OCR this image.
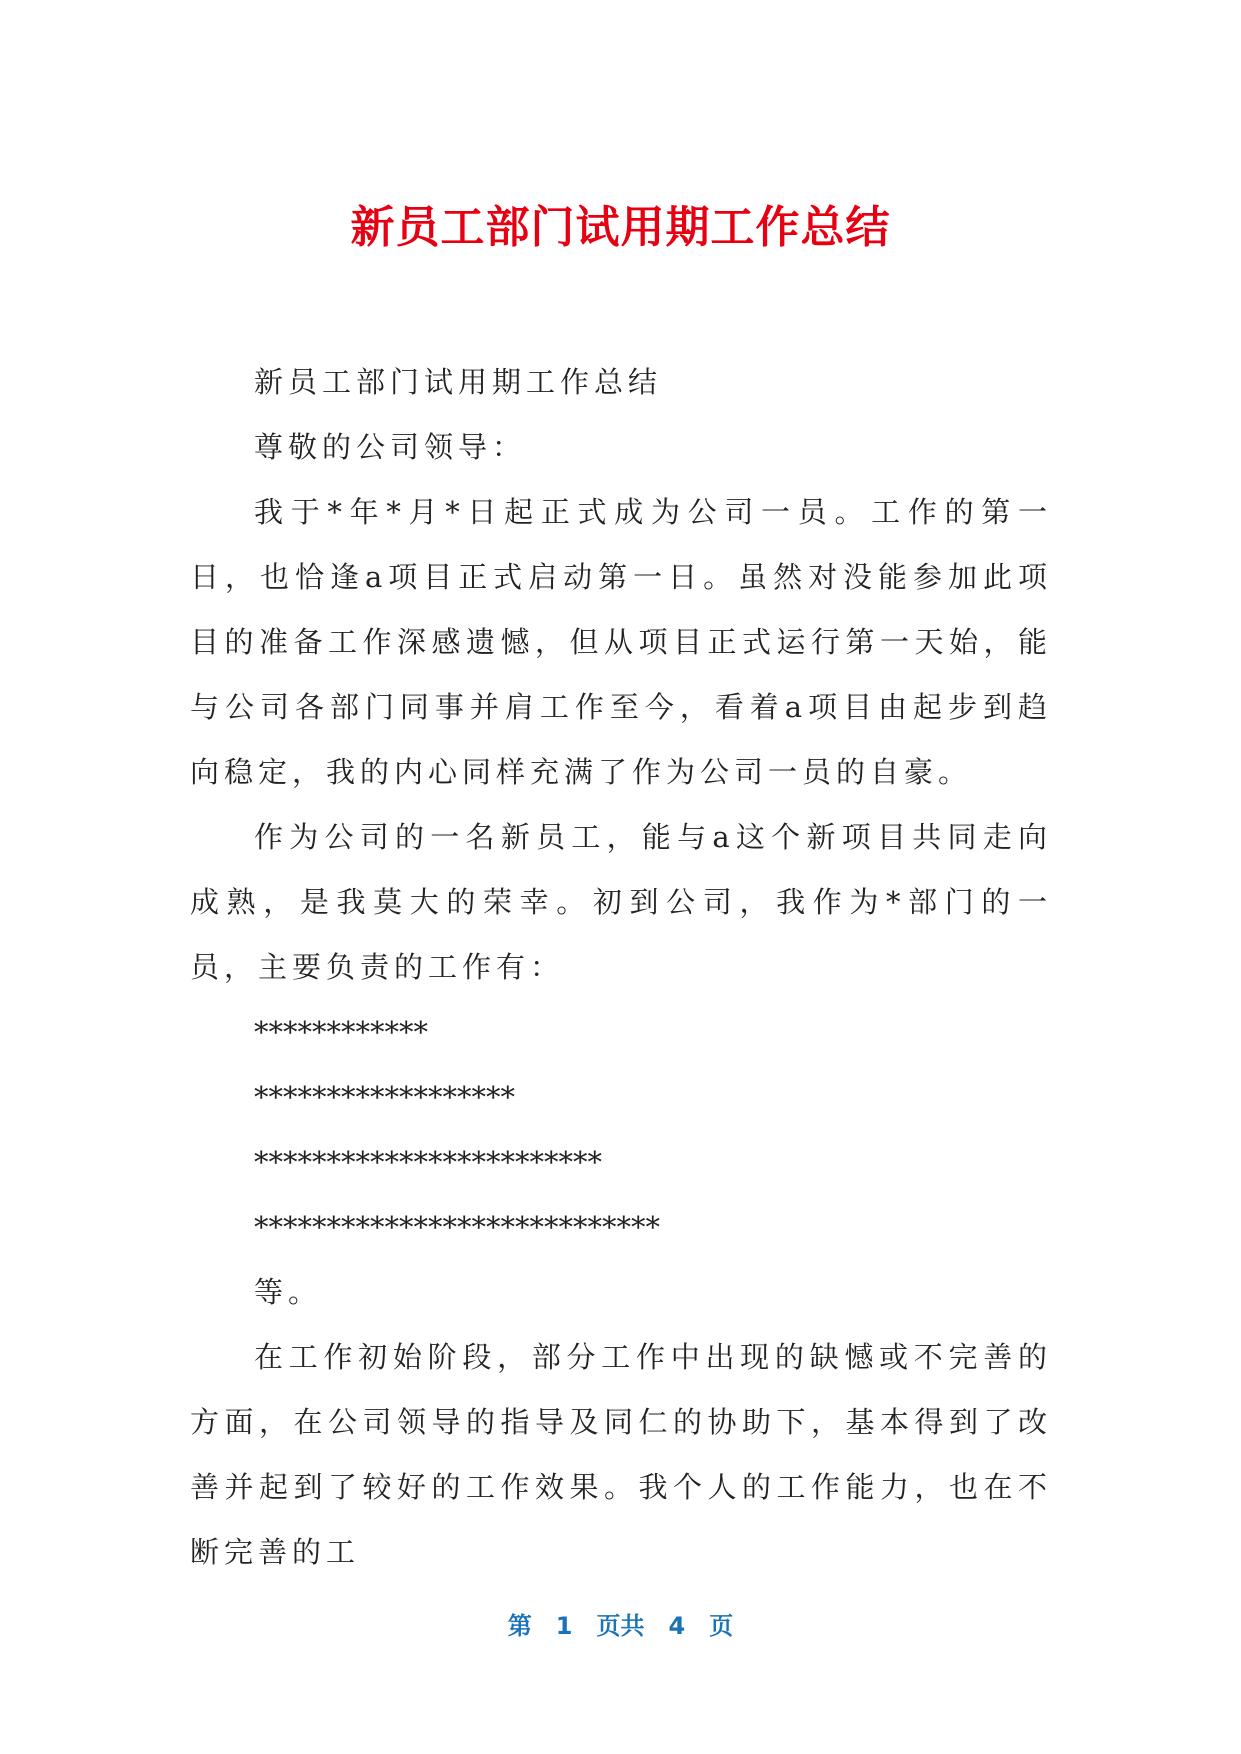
新员工部门试用期工作总结

新员工部门试用期工作总结

尊敬的公司领导：

我于*年*月*日起正式成为公司一员。工作的第一日，也恰逢a项目正式启动第一日。虽然对没能参加此项目的准备工作深感遗憾，但从项目正式运行第一天始，能与公司各部门同事并肩工作至今，看着a项目由起步到趋向稳定，我的内心同样充满了作为公司一员的自豪。

作为公司的一名新员工，能与a这个新项目共同走向成熟，是我莫大的荣幸。初到公司，我作为*部门的一员，主要负责的工作有：

************

******************

************************

****************************

等。

在工作初始阶段，部分工作中出现的缺憾或不完善的方面，在公司领导的指导及同仁的协助下，基本得到了改善并起到了较好的工作效果。我个人的工作能力，也在不断完善的工

第　1　页共　4　页
